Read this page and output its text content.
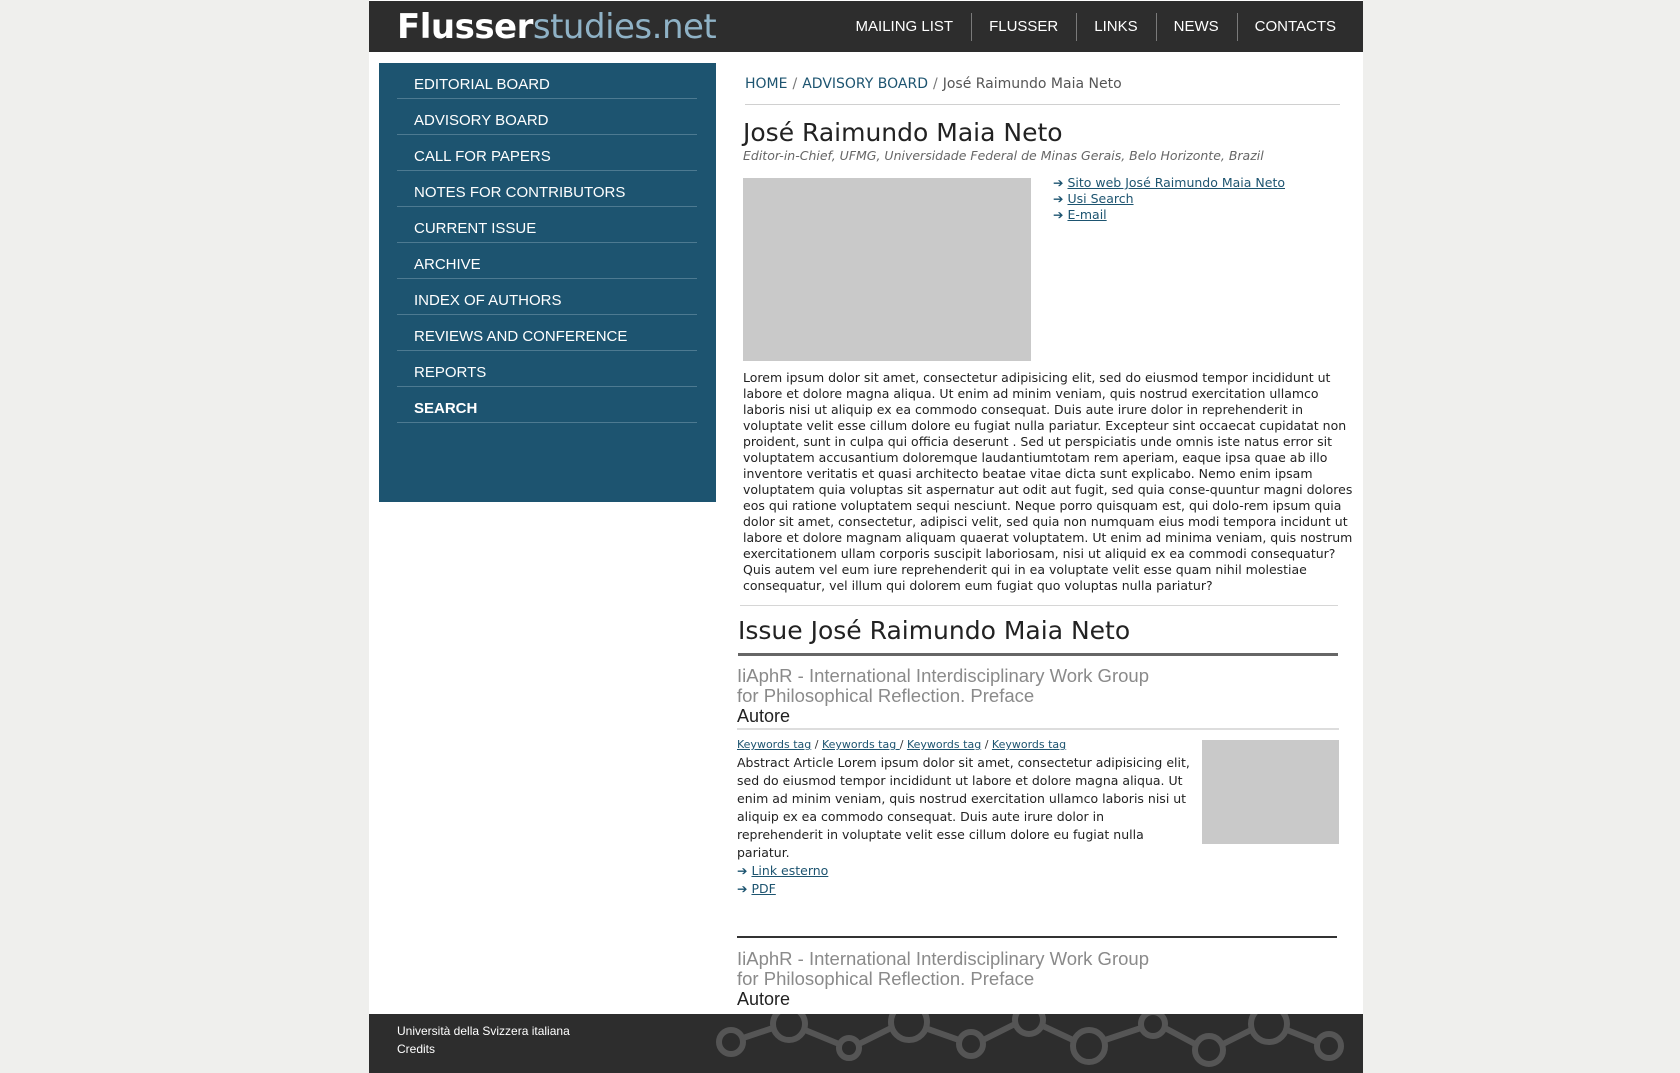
Flusserstudies.net	MAILING LIST	FLUSSER	LINKS	NEWS	CONTACTS
EDITORIAL BOARD
ADVISORY BOARD
CALL FOR PAPERS
NOTES FOR CONTRIBUTORS
CURRENT ISSUE
ARCHIVE
INDEX OF AUTHORS
REVIEWS AND CONFERENCE
REPORTS
SEARCH
HOME / ADVISORY BOARD / José Raimundo Maia Neto
José Raimundo Maia Neto
Editor-in-Chief, UFMG, Universidade Federal de Minas Gerais, Belo Horizonte, Brazil
➔ Sito web José Raimundo Maia Neto
➔ Usi Search
➔ E-mail

Lorem ipsum dolor sit amet, consectetur adipisicing elit, sed do eiusmod tempor incididunt ut labore et dolore magna aliqua. Ut enim ad minim veniam, quis nostrud exercitation ullamco laboris nisi ut aliquip ex ea commodo consequat. Duis aute irure dolor in reprehenderit in voluptate velit esse cillum dolore eu fugiat nulla pariatur. Excepteur sint occaecat cupidatat non proident, sunt in culpa qui officia deserunt . Sed ut perspiciatis unde omnis iste natus error sit voluptatem accusantium doloremque laudantiumtotam rem aperiam, eaque ipsa quae ab illo inventore veritatis et quasi architecto beatae vitae dicta sunt explicabo. Nemo enim ipsam voluptatem quia voluptas sit aspernatur aut odit aut fugit, sed quia conse-quuntur magni dolores eos qui ratione voluptatem sequi nesciunt. Neque porro quisquam est, qui dolo-rem ipsum quia dolor sit amet, consectetur, adipisci velit, sed quia non numquam eius modi tempora incidunt ut labore et dolore magnam aliquam quaerat voluptatem. Ut enim ad minima veniam, quis nostrum exercitationem ullam corporis suscipit laboriosam, nisi ut aliquid ex ea commodi consequatur? Quis autem vel eum iure reprehenderit qui in ea voluptate velit esse quam nihil molestiae consequatur, vel illum qui dolorem eum fugiat quo voluptas nulla pariatur?

Issue José Raimundo Maia Neto
IiAphR - International Interdisciplinary Work Group for Philosophical Reflection. Preface
Autore
Keywords tag / Keywords tag / Keywords tag / Keywords tag

Abstract Article Lorem ipsum dolor sit amet, consectetur adipisicing elit, sed do eiusmod tempor incididunt ut labore et dolore magna aliqua. Ut enim ad minim veniam, quis nostrud exercitation ullamco laboris nisi ut aliquip ex ea commodo consequat. Duis aute irure dolor in reprehenderit in voluptate velit esse cillum dolore eu fugiat nulla pariatur.

➔ Link esterno
➔ PDF
IiAphR - International Interdisciplinary Work Group for Philosophical Reflection. Preface
Autore
Università della Svizzera italiana
Credits
